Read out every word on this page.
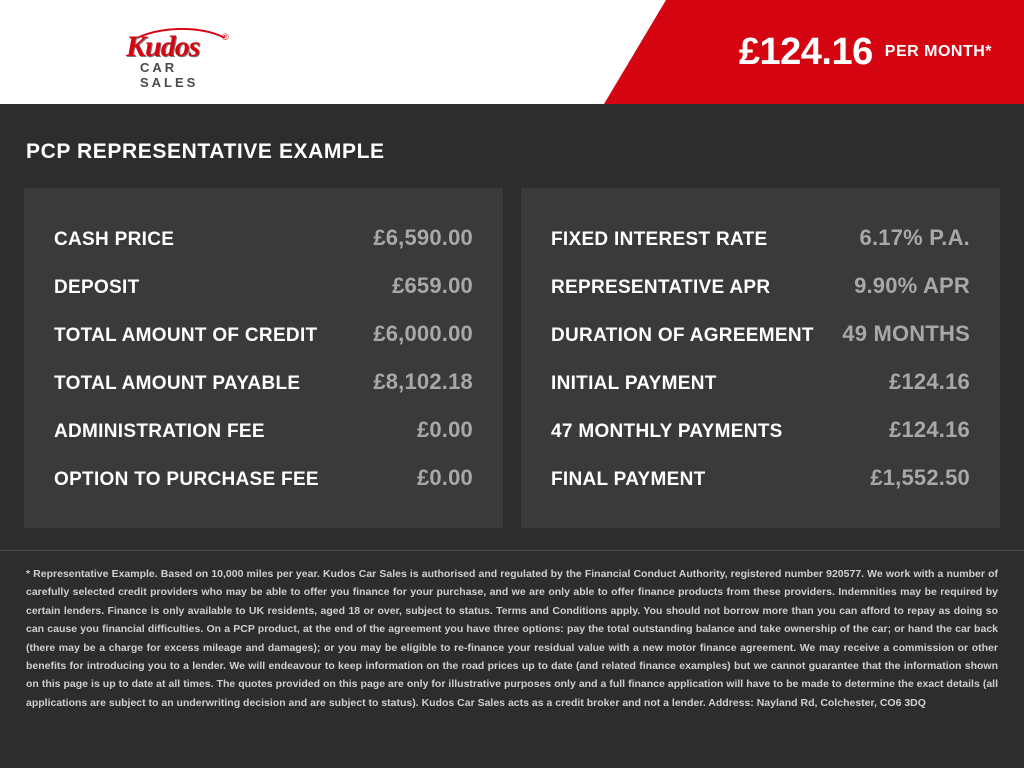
Kudos	®
CAR SALES
£124.16 PER MONTH*
PCP REPRESENTATIVE EXAMPLE
CASH PRICE	£6,590.00
DEPOSIT	£659.00
TOTAL AMOUNT OF CREDIT	£6,000.00
TOTAL AMOUNT PAYABLE	£8,102.18
ADMINISTRATION FEE	£0.00
OPTION TO PURCHASE FEE	£0.00
FIXED INTEREST RATE	6.17% P.A.
REPRESENTATIVE APR	9.90% APR
DURATION OF AGREEMENT 49 MONTHS
INITIAL PAYMENT	£124.16
47 MONTHLY PAYMENTS	£124.16
FINAL PAYMENT	£1,552.50

* Representative Example. Based on 10,000 miles per year. Kudos Car Sales is authorised and regulated by the Financial Conduct Authority, registered number 920577. We work with a number of carefully selected credit providers who may be able to offer you finance for your purchase, and we are only able to offer finance products from these providers. Indemnities may be required by certain lenders. Finance is only available to UK residents, aged 18 or over, subject to status. Terms and Conditions apply. You should not borrow more than you can afford to repay as doing so can cause you financial difficulties. On a PCP product, at the end of the agreement you have three options: pay the total outstanding balance and take ownership of the car; or hand the car back (there may be a charge for excess mileage and damages); or you may be eligible to re-finance your residual value with a new motor finance agreement. We may receive a commission or other benefits for introducing you to a lender. We will endeavour to keep information on the road prices up to date (and related finance examples) but we cannot guarantee that the information shown on this page is up to date at all times. The quotes provided on this page are only for illustrative purposes only and a full finance application will have to be made to determine the exact details (all applications are subject to an underwriting decision and are subject to status). Kudos Car Sales acts as a credit broker and not a lender. Address: Nayland Rd, Colchester, CO6 3DQ
